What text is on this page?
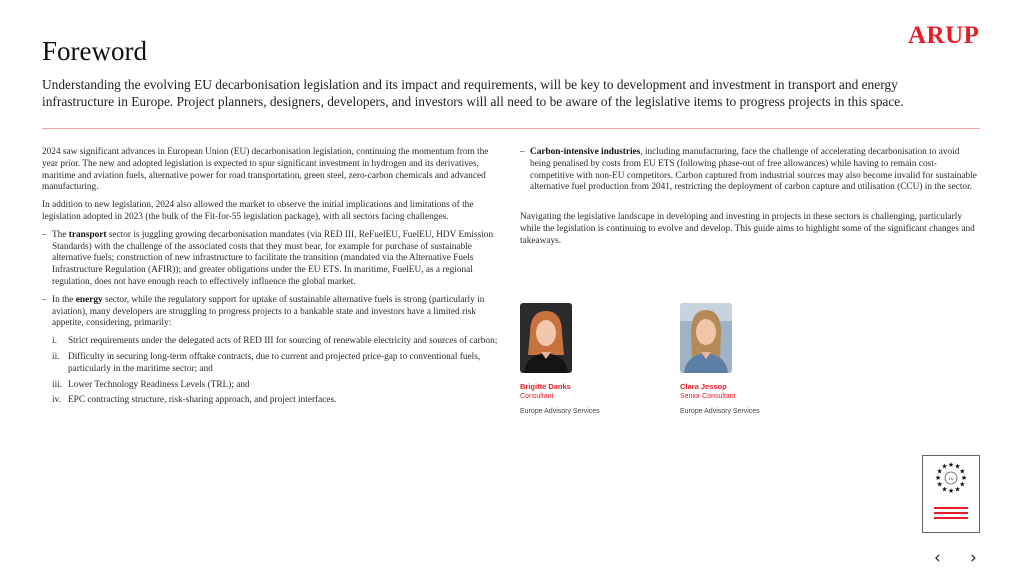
ARUP
Foreword
Understanding the evolving EU decarbonisation legislation and its impact and requirements, will be key to development and investment in transport and energy infrastructure in Europe. Project planners, designers, developers, and investors will all need to be aware of the legislative items to progress projects in this space.

2024 saw significant advances in European Union (EU) decarbonisation legislation, continuing the momentum from the year prior. The new and adopted legislation is expected to spur significant investment in hydrogen and its derivatives, maritime and aviation fuels, alternative power for road transportation, green steel, zero-carbon chemicals and advanced manufacturing.

In addition to new legislation, 2024 also allowed the market to observe the initial implications and limitations of the legislation adopted in 2023 (the bulk of the Fit-for-55 legislation package), with all sectors facing challenges.

– The transport sector is juggling growing decarbonisation mandates (via RED III, ReFuelEU, FuelEU, HDV Emission Standards) with the challenge of the associated costs that they must bear, for example for purchase of sustainable alternative fuels; construction of new infrastructure to facilitate the transition (mandated via the Alternative Fuels Infrastructure Regulation (AFIR)); and greater obligations under the EU ETS. In maritime, FuelEU, as a regional regulation, does not have enough reach to effectively influence the global market.
– In the energy sector, while the regulatory support for uptake of sustainable alternative fuels is strong (particularly in aviation), many developers are struggling to progress projects to a bankable state and investors have a limited risk appetite, considering, primarily:
i.	Strict requirements under the delegated acts of RED III for sourcing of renewable electricity and sources of carbon;
ii. Difficulty in securing long-term offtake contracts, due to current and projected price-gap to conventional fuels, particularly in the maritime sector; and
iii. Lower Technology Readiness Levels (TRL); and
iv. EPC contracting structure, risk-sharing approach, and project interfaces.
– Carbon-intensive industries, including manufacturing, face the challenge of accelerating decarbonisation to avoid being penalised by costs from EU ETS (following phase-out of free allowances) while having to remain cost-competitive with non-EU competitors. Carbon captured from industrial sources may also become invalid for sustainable alternative fuel production from 2041, restricting the deployment of carbon capture and utilisation (CCU) in the sector.

Navigating the legislative landscape in developing and investing in projects in these sectors is challenging, particularly while the legislation is continuing to evolve and develop. This guide aims to highlight some of the significant changes and takeaways.

Brigitte Danks
Consultant
Europe Advisory Services
Clara Jessop
Senior Consultant
Europe Advisory Services
★ ★
★
★
★
★
★
★
★
★
★
★
EU
‹ ›
